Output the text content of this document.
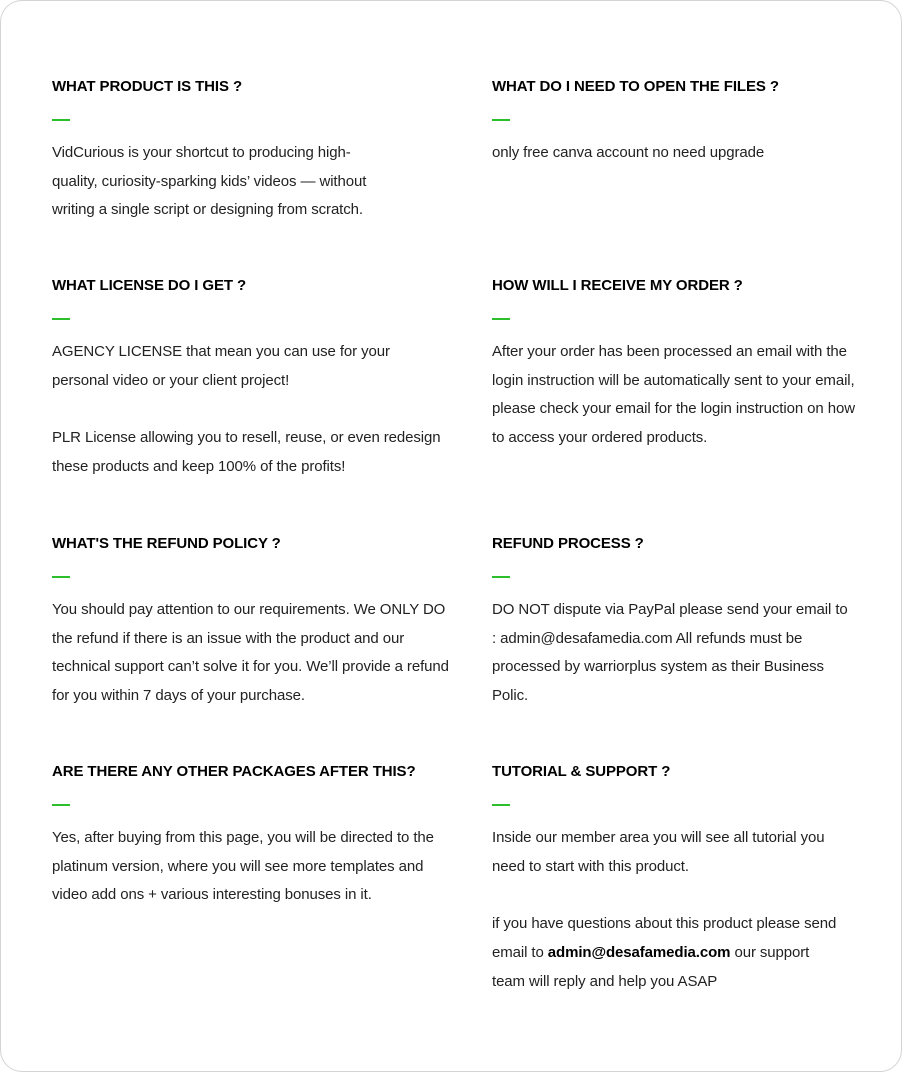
WHAT PRODUCT IS THIS ?

VidCurious is your shortcut to producing high-quality, curiosity-sparking kids’ videos — without writing a single script or designing from scratch.

WHAT DO I NEED TO OPEN THE FILES ?

only free canva account no need upgrade

WHAT LICENSE DO I GET ?

AGENCY LICENSE that mean you can use for your personal video or your client project!

PLR License allowing you to resell, reuse, or even redesign these products and keep 100% of the profits!

HOW WILL I RECEIVE MY ORDER ?

After your order has been processed an email with the login instruction will be automatically sent to your email, please check your email for the login instruction on how to access your ordered products.

WHAT'S THE REFUND POLICY ?

You should pay attention to our requirements. We ONLY DO the refund if there is an issue with the product and our technical support can’t solve it for you. We’ll provide a refund for you within 7 days of your purchase.

REFUND PROCESS ?

DO NOT dispute via PayPal please send your email to : admin@desafamedia.com All refunds must be processed by warriorplus system as their Business Polic.

ARE THERE ANY OTHER PACKAGES AFTER THIS?

Yes, after buying from this page, you will be directed to the platinum version, where you will see more templates and video add ons + various interesting bonuses in it.

TUTORIAL & SUPPORT ?

Inside our member area you will see all tutorial you need to start with this product.

if you have questions about this product please send email to admin@desafamedia.com our support team will reply and help you ASAP
